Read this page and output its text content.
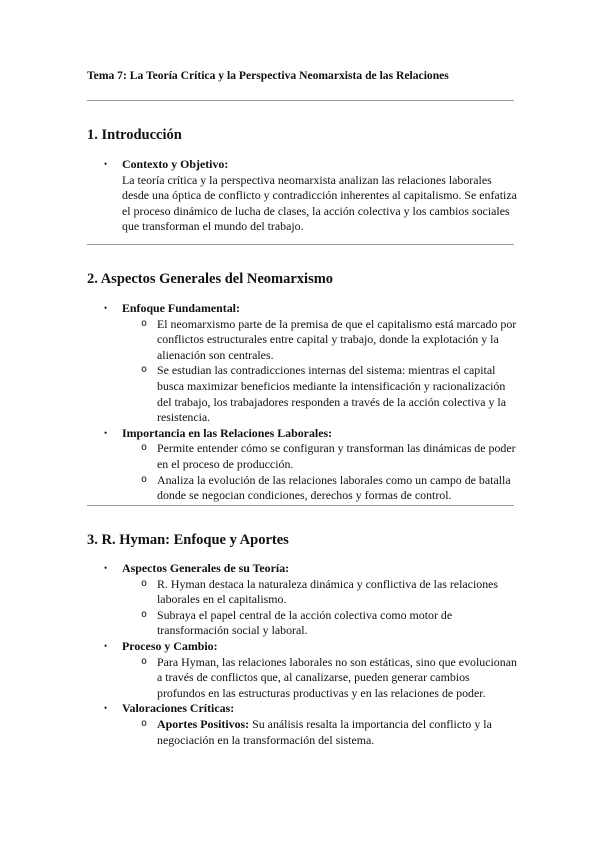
Tema 7: La Teoría Crítica y la Perspectiva Neomarxista de las Relaciones
1. Introducción
• Contexto y Objetivo:
La teoría crítica y la perspectiva neomarxista analizan las relaciones laborales desde una óptica de conflicto y contradicción inherentes al capitalismo. Se enfatiza el proceso dinámico de lucha de clases, la acción colectiva y los cambios sociales que transforman el mundo del trabajo.
2. Aspectos Generales del Neomarxismo
• Enfoque Fundamental:
o El neomarxismo parte de la premisa de que el capitalismo está marcado por conflictos estructurales entre capital y trabajo, donde la explotación y la alienación son centrales.
o Se estudian las contradicciones internas del sistema: mientras el capital busca maximizar beneficios mediante la intensificación y racionalización del trabajo, los trabajadores responden a través de la acción colectiva y la resistencia.
• Importancia en las Relaciones Laborales:
o Permite entender cómo se configuran y transforman las dinámicas de poder en el proceso de producción.
o Analiza la evolución de las relaciones laborales como un campo de batalla donde se negocian condiciones, derechos y formas de control.
3. R. Hyman: Enfoque y Aportes
• Aspectos Generales de su Teoría:
o R. Hyman destaca la naturaleza dinámica y conflictiva de las relaciones laborales en el capitalismo.
o Subraya el papel central de la acción colectiva como motor de transformación social y laboral.
• Proceso y Cambio:
o Para Hyman, las relaciones laborales no son estáticas, sino que evolucionan a través de conflictos que, al canalizarse, pueden generar cambios profundos en las estructuras productivas y en las relaciones de poder.
• Valoraciones Críticas:
o Aportes Positivos: Su análisis resalta la importancia del conflicto y la negociación en la transformación del sistema.
